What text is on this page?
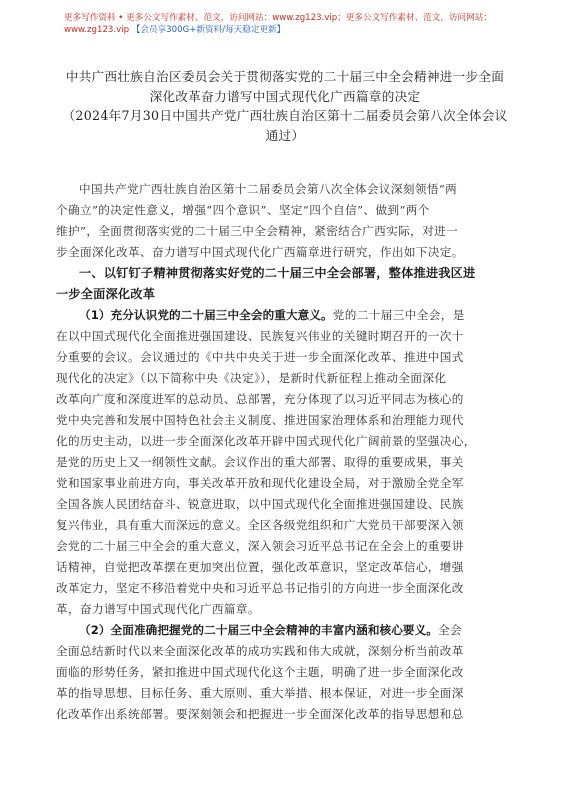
更多写作资料 • 更多公文写作素材、范文，访问网站：www.zg123.vip；更多公文写作素材、范文，访问网站：
www.zg123.vip 【会员享300G+新资料/每天稳定更新】
中共广西壮族自治区委员会关于贯彻落实党的二十届三中全会精神进一步全面
深化改革奋力谱写中国式现代化广西篇章的决定
（2024年7月30日中国共产党广西壮族自治区第十二届委员会第八次全体会议
通过）
中国共产党广西壮族自治区第十二届委员会第八次全体会议深刻领悟“两
个确立”的决定性意义，增强“四个意识”、坚定“四个自信”、做到“两个
维护”，全面贯彻落实党的二十届三中全会精神，紧密结合广西实际，对进一
步全面深化改革、奋力谱写中国式现代化广西篇章进行研究，作出如下决定。
一、以钉钉子精神贯彻落实好党的二十届三中全会部署，整体推进我区进
一步全面深化改革
（1）充分认识党的二十届三中全会的重大意义。党的二十届三中全会，是
在以中国式现代化全面推进强国建设、民族复兴伟业的关键时期召开的一次十
分重要的会议。会议通过的《中共中央关于进一步全面深化改革、推进中国式
现代化的决定》（以下简称中央《决定》），是新时代新征程上推动全面深化
改革向广度和深度进军的总动员、总部署，充分体现了以习近平同志为核心的
党中央完善和发展中国特色社会主义制度、推进国家治理体系和治理能力现代
化的历史主动，以进一步全面深化改革开辟中国式现代化广阔前景的坚强决心，
是党的历史上又一纲领性文献。会议作出的重大部署、取得的重要成果，事关
党和国家事业前进方向，事关改革开放和现代化建设全局，对于激励全党全军
全国各族人民团结奋斗、锐意进取，以中国式现代化全面推进强国建设、民族
复兴伟业，具有重大而深远的意义。全区各级党组织和广大党员干部要深入领
会党的二十届三中全会的重大意义，深入领会习近平总书记在全会上的重要讲
话精神，自觉把改革摆在更加突出位置，强化改革意识，坚定改革信心，增强
改革定力，坚定不移沿着党中央和习近平总书记指引的方向进一步全面深化改
革，奋力谱写中国式现代化广西篇章。
（2）全面准确把握党的二十届三中全会精神的丰富内涵和核心要义。全会
全面总结新时代以来全面深化改革的成功实践和伟大成就，深刻分析当前改革
面临的形势任务，紧扣推进中国式现代化这个主题，明确了进一步全面深化改
革的指导思想、目标任务、重大原则、重大举措、根本保证，对进一步全面深
化改革作出系统部署。要深刻领会和把握进一步全面深化改革的指导思想和总
